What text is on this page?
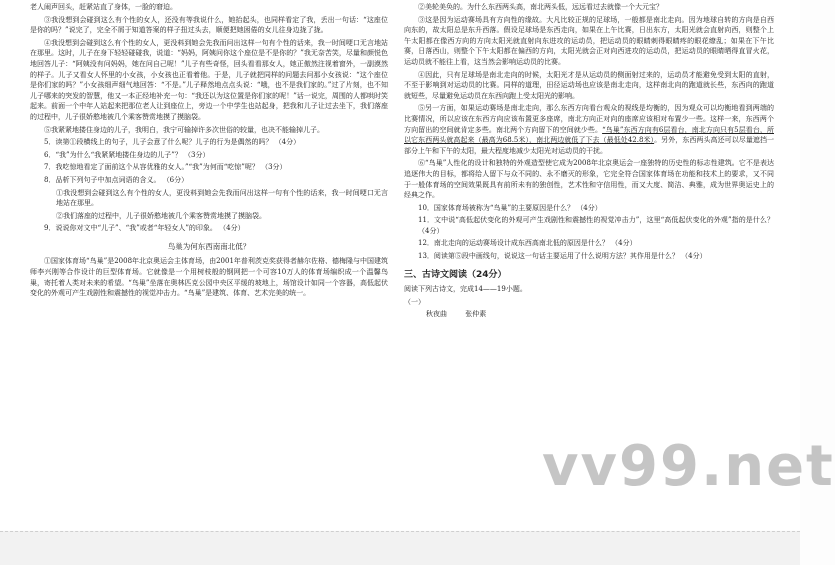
老人闹声回头，赶紧站直了身体，一脸的窘迫。

③我没想到会碰到这么有个性的女人，还没有等我说什么，她抬起头，也同样看定了我，丢出一句话：“这座位是你的吗？”说完了，完全不屑于知道答案的样子扭过头去，顺便把她困倦的女儿往身边拢了拢。

④我没想到会碰到这么有个性的女人，更没料到她会先我而问出这样一句有个性的话来，我一时间哽口无言地站在那里。这时，儿子在身下轻轻碰碰我，说道：“妈妈，阿姨问你这个座位是不是你的？”我无奈苦笑，尽量和颜悦色地回答儿子：“阿姨没有问妈妈，她在问自己呢！”儿子有些奇怪，回头看看那女人，她正傲然注视着窗外，一副漠然的样子。儿子又看女人怀里的小女孩，小女孩也正看着他。于是，儿子就把同样的问题去问那小女孩说：“这个座位是你们家的吗？”小女孩细声细气地回答：“不是。”儿子释然地点点头说：“哦，也不是我们家的。”过了片刻，也不知儿子哪来的突发的智慧，他又一本正经地补充一句：“我还以为这位置是你们家的呢！”话一说完，周围的人都哄时笑起来。前面一个中年人站起来把那位老人让到座位上，旁边一个中学生也站起身，把我和儿子让过去坐下，我们落座的过程中，儿子很娇憨地被几个乘客赞赏地摸了摸脑袋。

⑤我紧紧地搂住身边的儿子，我明白，我宁可输掉许多次世俗的较量，也决不能输掉儿子。

5．读第①段横线上的句子，儿子会意了什么呢？儿子的行为是偶然的吗？ （4分）

6．“我”为什么“我紧紧地搂住身边的儿子”？ （3分）

7．我吃惊地看定了面前这个从容优雅的女人。”“我”为何而“吃惊”呢？ （3分）

8．品析下列句子中加点词语的含义。 （6分）

①我没想到会碰到这么有个性的女人，更没料到她会先我而问出这样一句有个性的话来，我一时间哽口无言地站在那里。

②我们落座的过程中，儿子很娇憨地被几个乘客赞赏地摸了摸脑袋。

9．说说你对文中“儿子”、“我”或者“年轻女人”的印象。 （4分）

鸟巢为何东西南南北低？

①国家体育场“鸟巢”是2008年北京奥运会主体育场，由2001年普利茨克奖获得者赫尔佐格、德梅隆与中国建筑师李兴刚等合作设计的巨型体育场。它就像是一个用树枝般的钢网把一个可容10万人的体育场编织成一个温馨鸟巢，寄托着人类对未来的希望。“鸟巢”坐落在奥林匹克公园中央区平缓的坡地上，场馆设计如同一个容器，高低起伏变化的外观可产生戏剧性和震撼性的视觉冲击力。“鸟巢”是建筑、体育、艺术完美的统一。

②美轮美奂的。为什么东西两头高，南北两头低，远远看过去就像一个大元宝？

③这是因为运动赛场具有方向性的缘故。大凡比较正规的足球场，一般都是南北走向。因为地球自转的方向是自西向东的，故太阳总是东升西落。假设足球场是东西走向，如果在上午比赛，日出东方，太阳光就会直射向西，则整个上午太阳都在像西方向的方向太阳光就直射向东进攻的运动员，把运动员的眼睛刺得眼睛疼的眼花缭乱；如果在下午比赛，日落西山，则整个下午太阳都在偏西的方向，太阳光就会正对向西进攻的运动员，把运动员的眼睛晒得直冒火花，运动员就不能往上看，这当然会影响运动员的比赛。

④因此，只有足球场是南北走向的时候，太阳光才是从运动员的侧面射过来的，运动员才能避免受到太阳的直射，不至于影响到对运动员的比赛。同样的道理，田径运动场也应该是南北走向，这样南北向的跑道就长些，东西向的跑道就短些，尽量避免运动员在东西向跑上受太阳光的影响。

⑤另一方面，如果运动赛场是南北走向，那么东西方向看台观众的视线是均衡的，因为观众可以均衡地看到两端的比赛情况，所以应该在东西方向应该布置更多座席，南北方向正对向的座席应该相对布置少一些。这样一来，东西两个方向留出的空间就肯定多些。南北两个方向留下的空间就少些。“鸟巢”东西方向有6层看台，南北方向只有5层看台，所以它东西两头就高起来（最高为68.5米），南北两边就低了下去（最低处42.8米）。另外，东西两头高还可以尽量遮挡一部分上午和下午的太阳，最大程度地减少太阳光对运动员的干扰。

⑥“鸟巢”人性化的设计和独特的外观造型使它成为2008年北京奥运会一座独特的历史性的标志性建筑。它不是表达追逐伟大的目标，都将给人留下与众不同的、永不磨灭的形象，它完全符合国家体育场在功能和技术上的要求，又不同于一般体育场的空间效果既具有前所未有的独创性，艺术性和守信用性，而又大度、简洁、典雅，成为世界奥运史上的经典之作。

10．国家体育场被称为“鸟巢”的主要原因是什么？ （4分）

11．文中说“高低起伏变化的外观可产生戏剧性和震撼性的视觉冲击力”，这里“高低起伏变化的外观”指的是什么？ （4分）

12．南北走向的运动赛场设计成东西高南北低的原因是什么？ （4分）

13．阅读第⑤段中画线句，说说这一句话主要运用了什么说明方法？其作用是什么？ （4分）

三、古诗文阅读（24分）

阅读下列古诗文，完成14——19小题。

（一）

秋夜曲	张仲素

vv99.net
